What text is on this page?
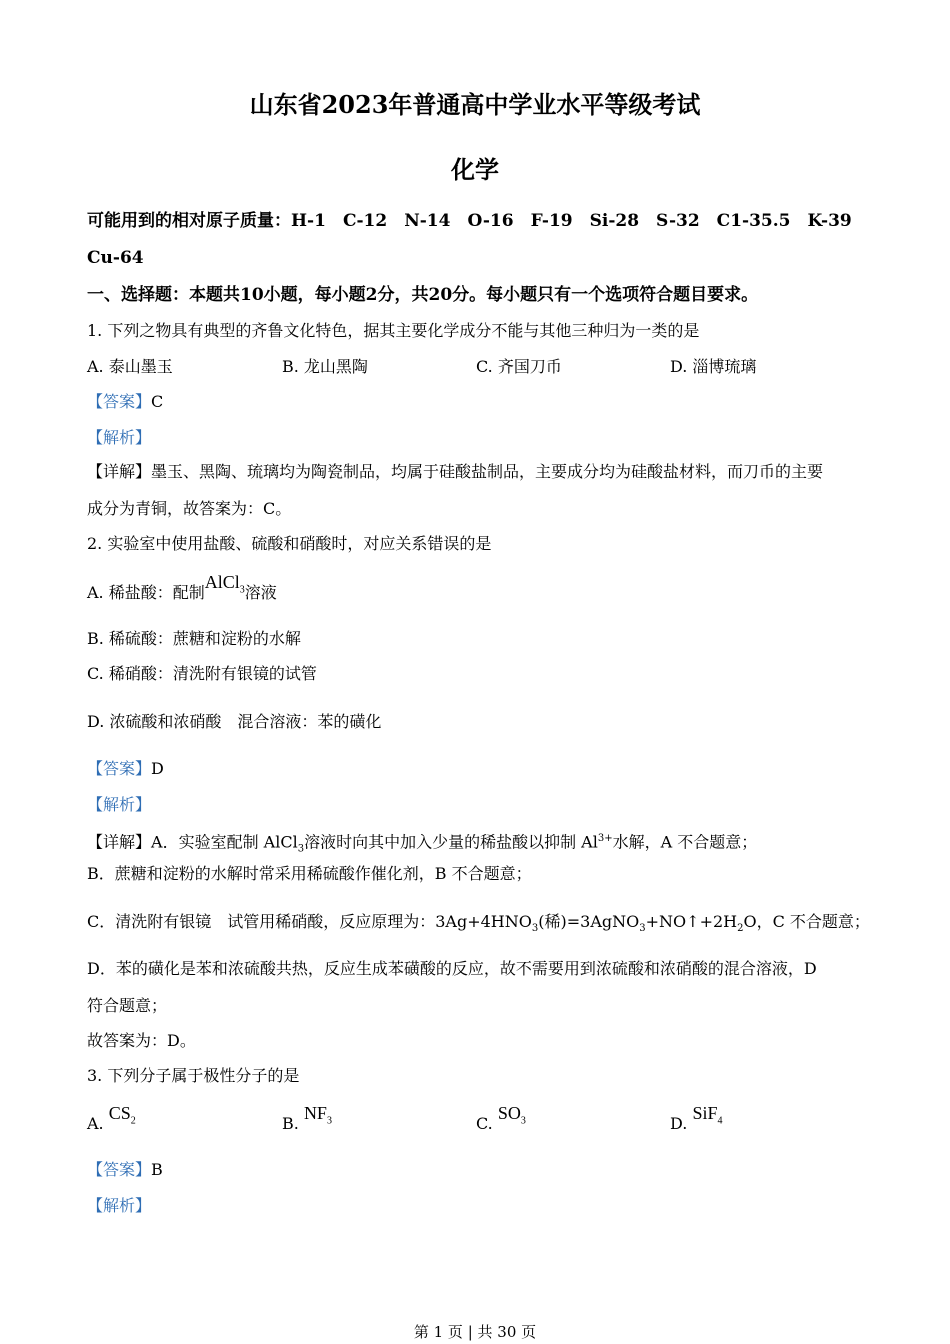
山东省2023年普通高中学业水平等级考试
化学
可能用到的相对原子质量：H-1　C-12　N-14　O-16　F-19　Si-28　S-32　C1-35.5　K-39
Cu-64
一、选择题：本题共10小题，每小题2分，共20分。每小题只有一个选项符合题目要求。
1. 下列之物具有典型的齐鲁文化特色，据其主要化学成分不能与其他三种归为一类的是
A. 泰山墨玉	B. 龙山黑陶	C. 齐国刀币	D. 淄博琉璃
【答案】C
【解析】
【详解】墨玉、黑陶、琉璃均为陶瓷制品，均属于硅酸盐制品，主要成分均为硅酸盐材料，而刀币的主要
成分为青铜，故答案为：C。
2. 实验室中使用盐酸、硫酸和硝酸时，对应关系错误的是
A. 稀盐酸：配制AlCl$_3$溶液
B. 稀硫酸：蔗糖和淀粉的水解
C. 稀硝酸：清洗附有银镜的试管
D. 浓硫酸和浓硝酸　混合溶液：苯的磺化
【答案】D
【解析】
【详解】A．实验室配制 AlCl$_3$溶液时向其中加入少量的稀盐酸以抑制 $Al^{3+}$水解，A 不合题意；
B．蔗糖和淀粉的水解时常采用稀硫酸作催化剂，B 不合题意；
C．清洗附有银镜　试管用稀硝酸，反应原理为：$3Ag+4HNO_3$(稀)$=3AgNO_3+NO↑+2H_2O$，C 不合题意；
D．苯的磺化是苯和浓硫酸共热，反应生成苯磺酸的反应，故不需要用到浓硫酸和浓硝酸的混合溶液，D
符合题意；
故答案为：D。
3. 下列分子属于极性分子的是
A. $CS_2$	B. $NF_3$	C. $SO_3$	D. SiF$_4$
【答案】B
【解析】
第 1 页 | 共 30 页
